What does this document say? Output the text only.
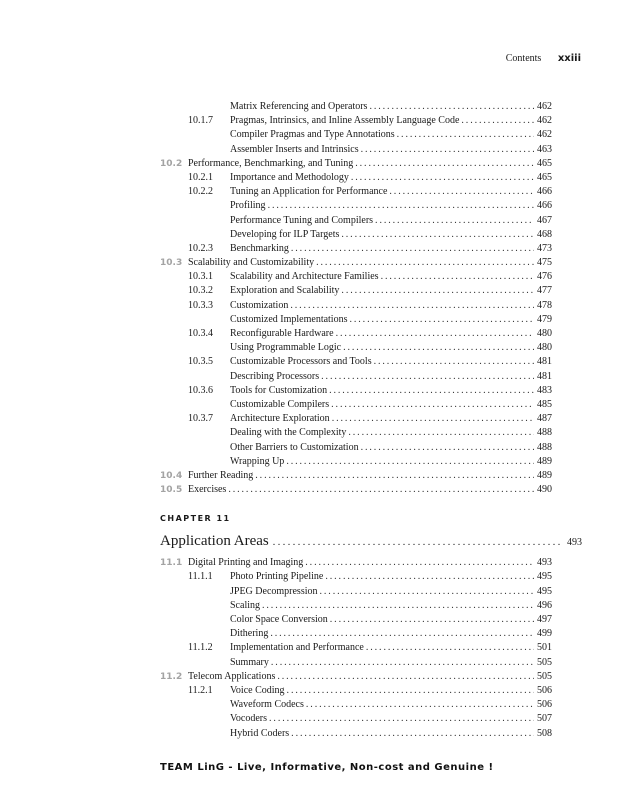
Contents xxiii
Matrix Referencing and Operators . . .	462
10.1.7 Pragmas, Intrinsics, and Inline Assembly Language Code . . .	462
Compiler Pragmas and Type Annotations . . .	462
Assembler Inserts and Intrinsics . . .	463
10.2 Performance, Benchmarking, and Tuning . . .	465
10.2.1 Importance and Methodology . . .	465
10.2.2 Tuning an Application for Performance . . .	466
Profiling . . .	466
Performance Tuning and Compilers . . .	467
Developing for ILP Targets . . .	468
10.2.3 Benchmarking . . .	473
10.3 Scalability and Customizability . . .	475
10.3.1 Scalability and Architecture Families . . .	476
10.3.2 Exploration and Scalability . . .	477
10.3.3 Customization . . .	478
Customized Implementations . . .	479
10.3.4 Reconfigurable Hardware . . .	480
Using Programmable Logic . . .	480
10.3.5 Customizable Processors and Tools . . .	481
Describing Processors . . .	481
10.3.6 Tools for Customization . . .	483
Customizable Compilers . . .	485
10.3.7 Architecture Exploration . . .	487
Dealing with the Complexity . . .	488
Other Barriers to Customization . . .	488
Wrapping Up . . .	489
10.4 Further Reading . . .	489
10.5 Exercises . . .	490
CHAPTER 11
Application Areas . . .	493
11.1 Digital Printing and Imaging . . .	493
11.1.1 Photo Printing Pipeline . . .	495
JPEG Decompression . . .	495
Scaling . . .	496
Color Space Conversion . . .	497
Dithering . . .	499
11.1.2 Implementation and Performance . . .	501
Summary . . .	505
11.2 Telecom Applications . . .	505
11.2.1 Voice Coding . . .	506
Waveform Codecs . . .	506
Vocoders . . .	507
Hybrid Coders . . .	508
TEAM LinG - Live, Informative, Non-cost and Genuine !
